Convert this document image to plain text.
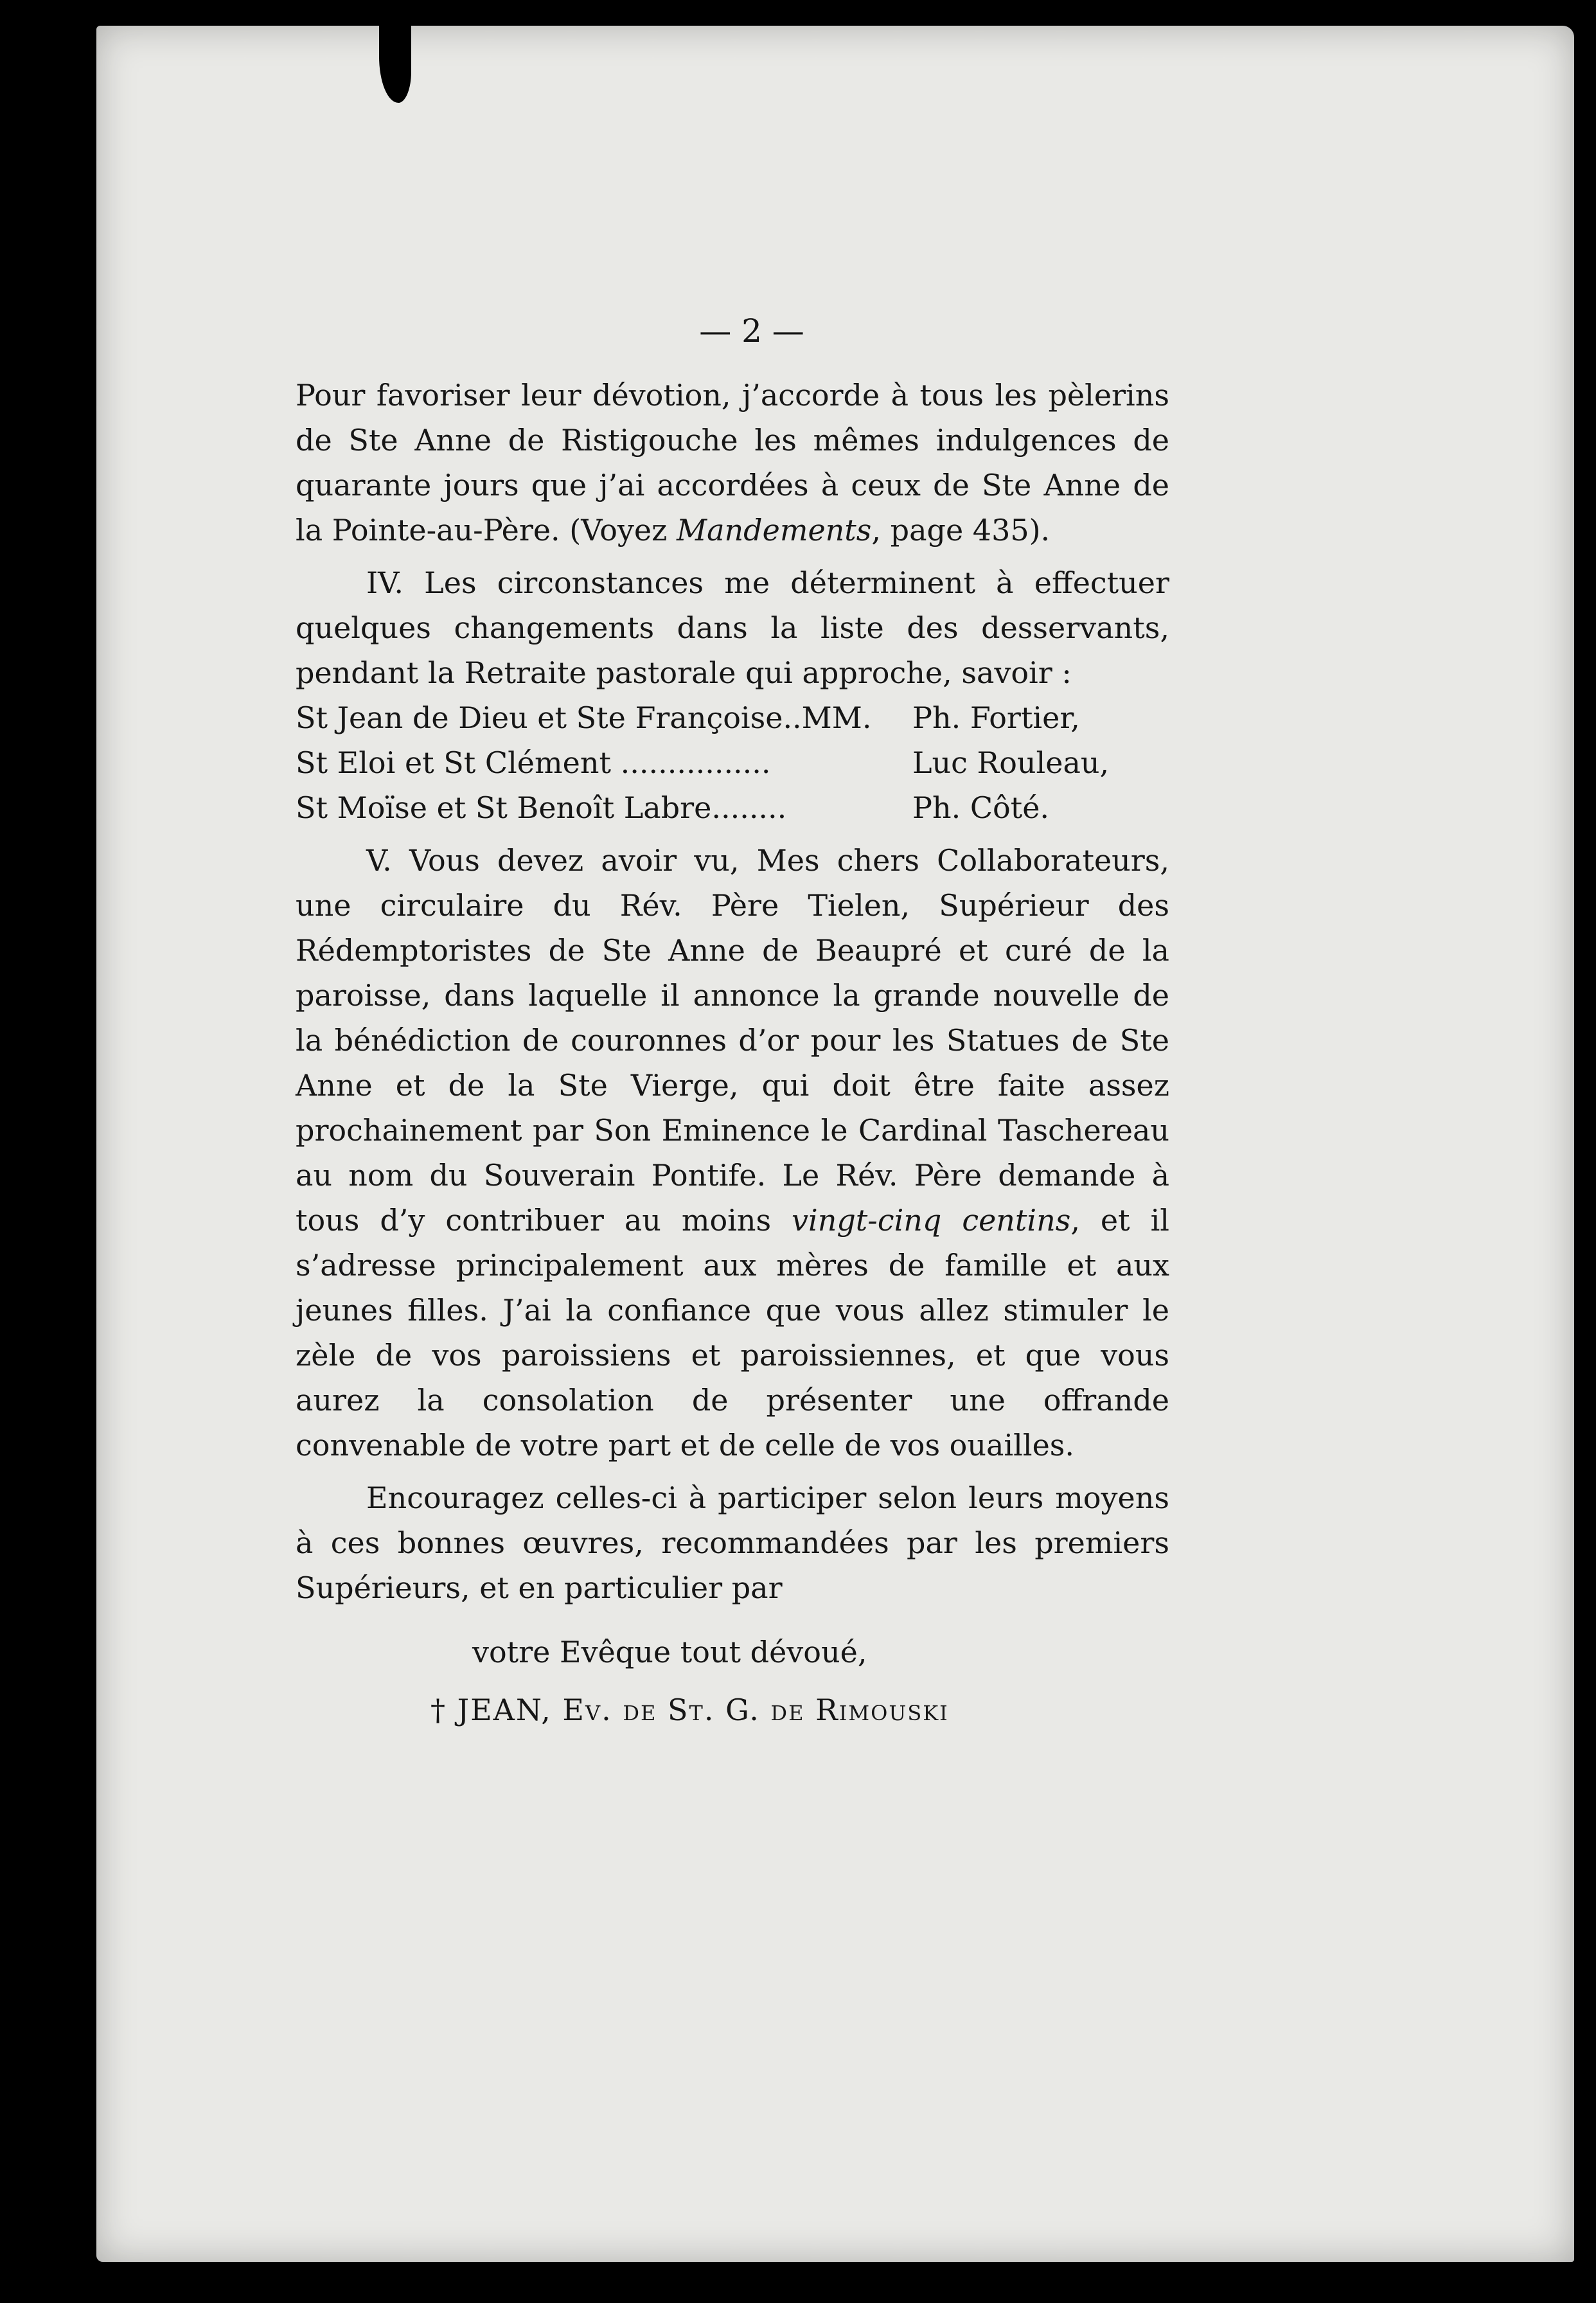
— 2 —

Pour favoriser leur dévotion, j’accorde à tous les pèlerins de Ste Anne de Ristigouche les mêmes indulgences de quarante jours que j’ai accordées à ceux de Ste Anne de la Pointe-au-Père. (Voyez Mandements, page 435).

IV. Les circonstances me déterminent à effectuer quelques changements dans la liste des desservants, pendant la Retraite pastorale qui approche, savoir :

St Jean de Dieu et Ste Françoise..MM.	Ph. Fortier,
St Eloi et St Clément ................	Luc Rouleau,
St Moïse et St Benoît Labre........	Ph. Côté.

V. Vous devez avoir vu, Mes chers Collaborateurs, une circulaire du Rév. Père Tielen, Supérieur des Rédemptoristes de Ste Anne de Beaupré et curé de la paroisse, dans laquelle il annonce la grande nouvelle de la bénédiction de couronnes d’or pour les Statues de Ste Anne et de la Ste Vierge, qui doit être faite assez prochainement par Son Eminence le Cardinal Taschereau au nom du Souverain Pontife. Le Rév. Père demande à tous d’y contribuer au moins vingt-cinq centins, et il s’adresse principalement aux mères de famille et aux jeunes filles. J’ai la confiance que vous allez stimuler le zèle de vos paroissiens et paroissiennes, et que vous aurez la consolation de présenter une offrande convenable de votre part et de celle de vos ouailles.

Encouragez celles-ci à participer selon leurs moyens à ces bonnes œuvres, recommandées par les premiers Supérieurs, et en particulier par

votre Evêque tout dévoué,

† JEAN, Ev. de St. G. de Rimouski
